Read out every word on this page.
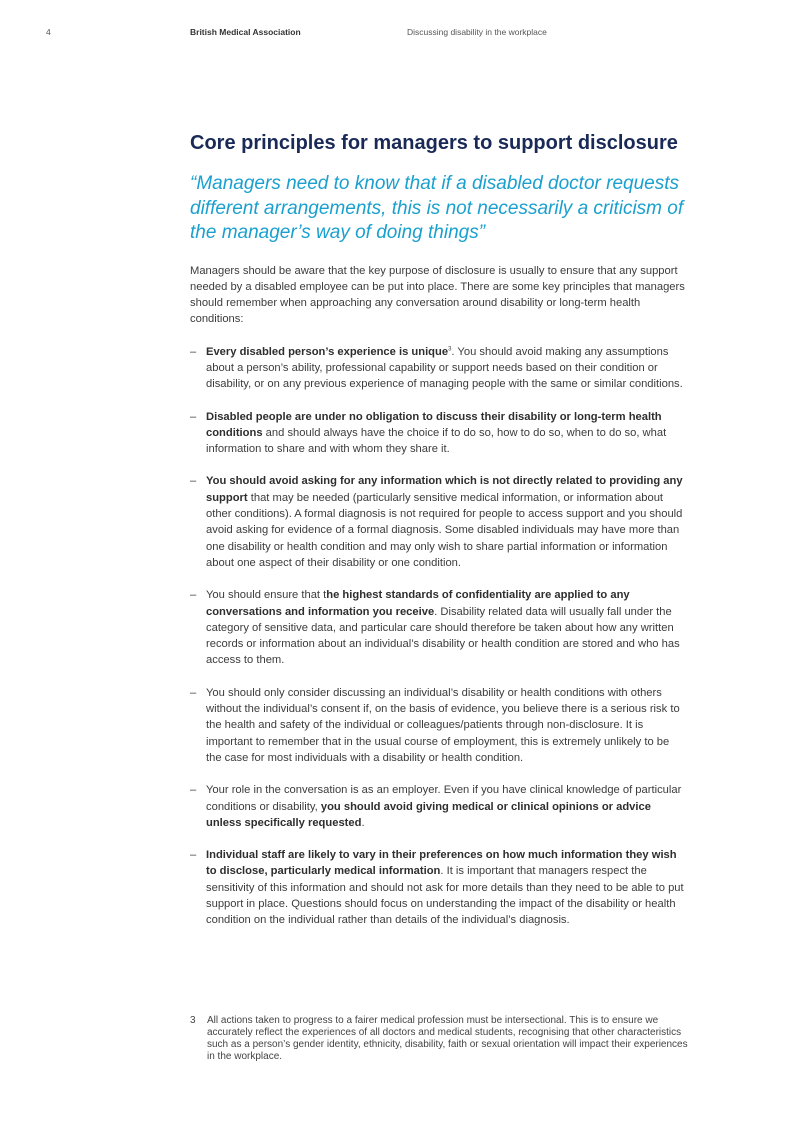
4	British Medical Association	Discussing disability in the workplace
Core principles for managers to support disclosure

“Managers need to know that if a disabled doctor requests different arrangements, this is not necessarily a criticism of the manager’s way of doing things”

Managers should be aware that the key purpose of disclosure is usually to ensure that any support needed by a disabled employee can be put into place. There are some key principles that managers should remember when approaching any conversation around disability or long-term health conditions:

– Every disabled person’s experience is unique$^3$. You should avoid making any assumptions about a person’s ability, professional capability or support needs based on their condition or disability, or on any previous experience of managing people with the same or similar conditions.
– Disabled people are under no obligation to discuss their disability or long-term health conditions and should always have the choice if to do so, how to do so, when to do so, what information to share and with whom they share it.
– You should avoid asking for any information which is not directly related to providing any support that may be needed (particularly sensitive medical information, or information about other conditions). A formal diagnosis is not required for people to access support and you should avoid asking for evidence of a formal diagnosis. Some disabled individuals may have more than one disability or health condition and may only wish to share partial information or information about one aspect of their disability or one condition.
– You should ensure that the highest standards of confidentiality are applied to any conversations and information you receive. Disability related data will usually fall under the category of sensitive data, and particular care should therefore be taken about how any written records or information about an individual’s disability or health condition are stored and who has access to them.
– You should only consider discussing an individual’s disability or health conditions with others without the individual’s consent if, on the basis of evidence, you believe there is a serious risk to the health and safety of the individual or colleagues/patients through non-disclosure. It is important to remember that in the usual course of employment, this is extremely unlikely to be the case for most individuals with a disability or health condition.
– Your role in the conversation is as an employer. Even if you have clinical knowledge of particular conditions or disability, you should avoid giving medical or clinical opinions or advice unless specifically requested.
– Individual staff are likely to vary in their preferences on how much information they wish to disclose, particularly medical information. It is important that managers respect the sensitivity of this information and should not ask for more details than they need to be able to put support in place. Questions should focus on understanding the impact of the disability or health condition on the individual rather than details of the individual’s diagnosis.
3	All actions taken to progress to a fairer medical profession must be intersectional. This is to ensure we accurately reflect the experiences of all doctors and medical students, recognising that other characteristics such as a person’s gender identity, ethnicity, disability, faith or sexual orientation will impact their experiences in the workplace.
